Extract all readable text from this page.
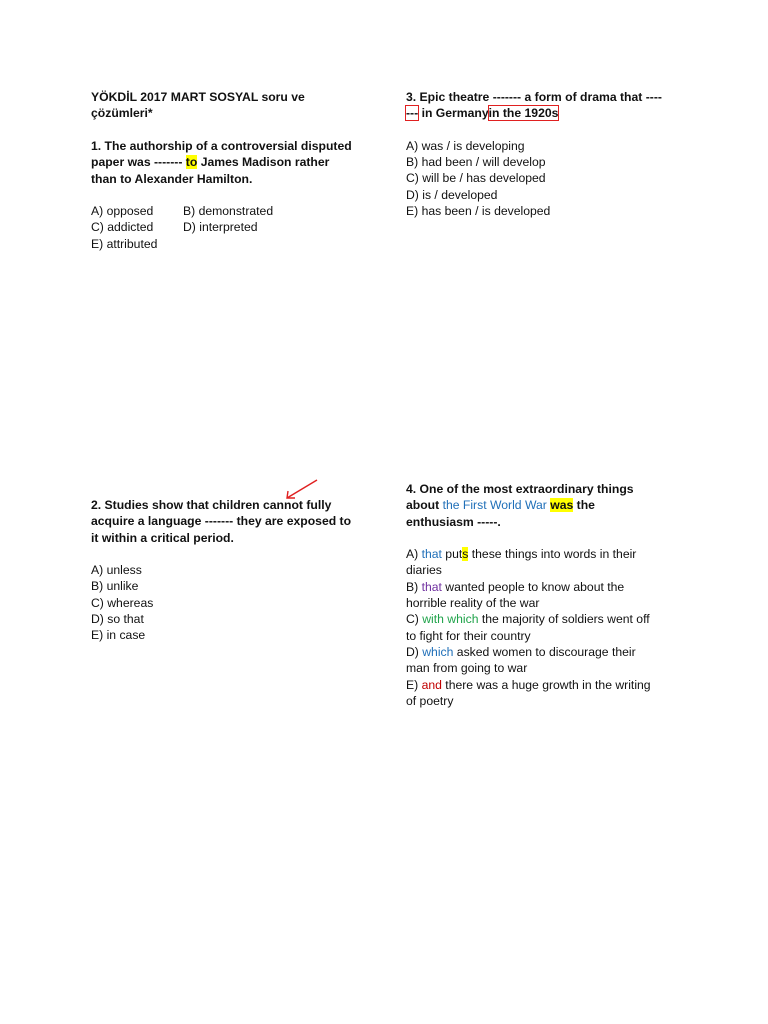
YÖKDİL 2017 MART SOSYAL soru ve
çözümleri*
1. The authorship of a controversial disputed
paper was ------- to James Madison rather
than to Alexander Hamilton.
A) opposed B) demonstrated
C) addicted D) interpreted
E) attributed
3. Epic theatre ------- a form of drama that ----
--- in Germanyin the 1920s
A) was / is developing
B) had been / will develop
C) will be / has developed
D) is / developed
E) has been / is developed
2. Studies show that children cannot fully
acquire a language ------- they are exposed to
it within a critical period.
A) unless
B) unlike
C) whereas
D) so that
E) in case
4. One of the most extraordinary things
about the First World War was the
enthusiasm -----.
A) that puts these things into words in their
diaries
B) that wanted people to know about the
horrible reality of the war
C) with which the majority of soldiers went off
to fight for their country
D) which asked women to discourage their
man from going to war
E) and there was a huge growth in the writing
of poetry
